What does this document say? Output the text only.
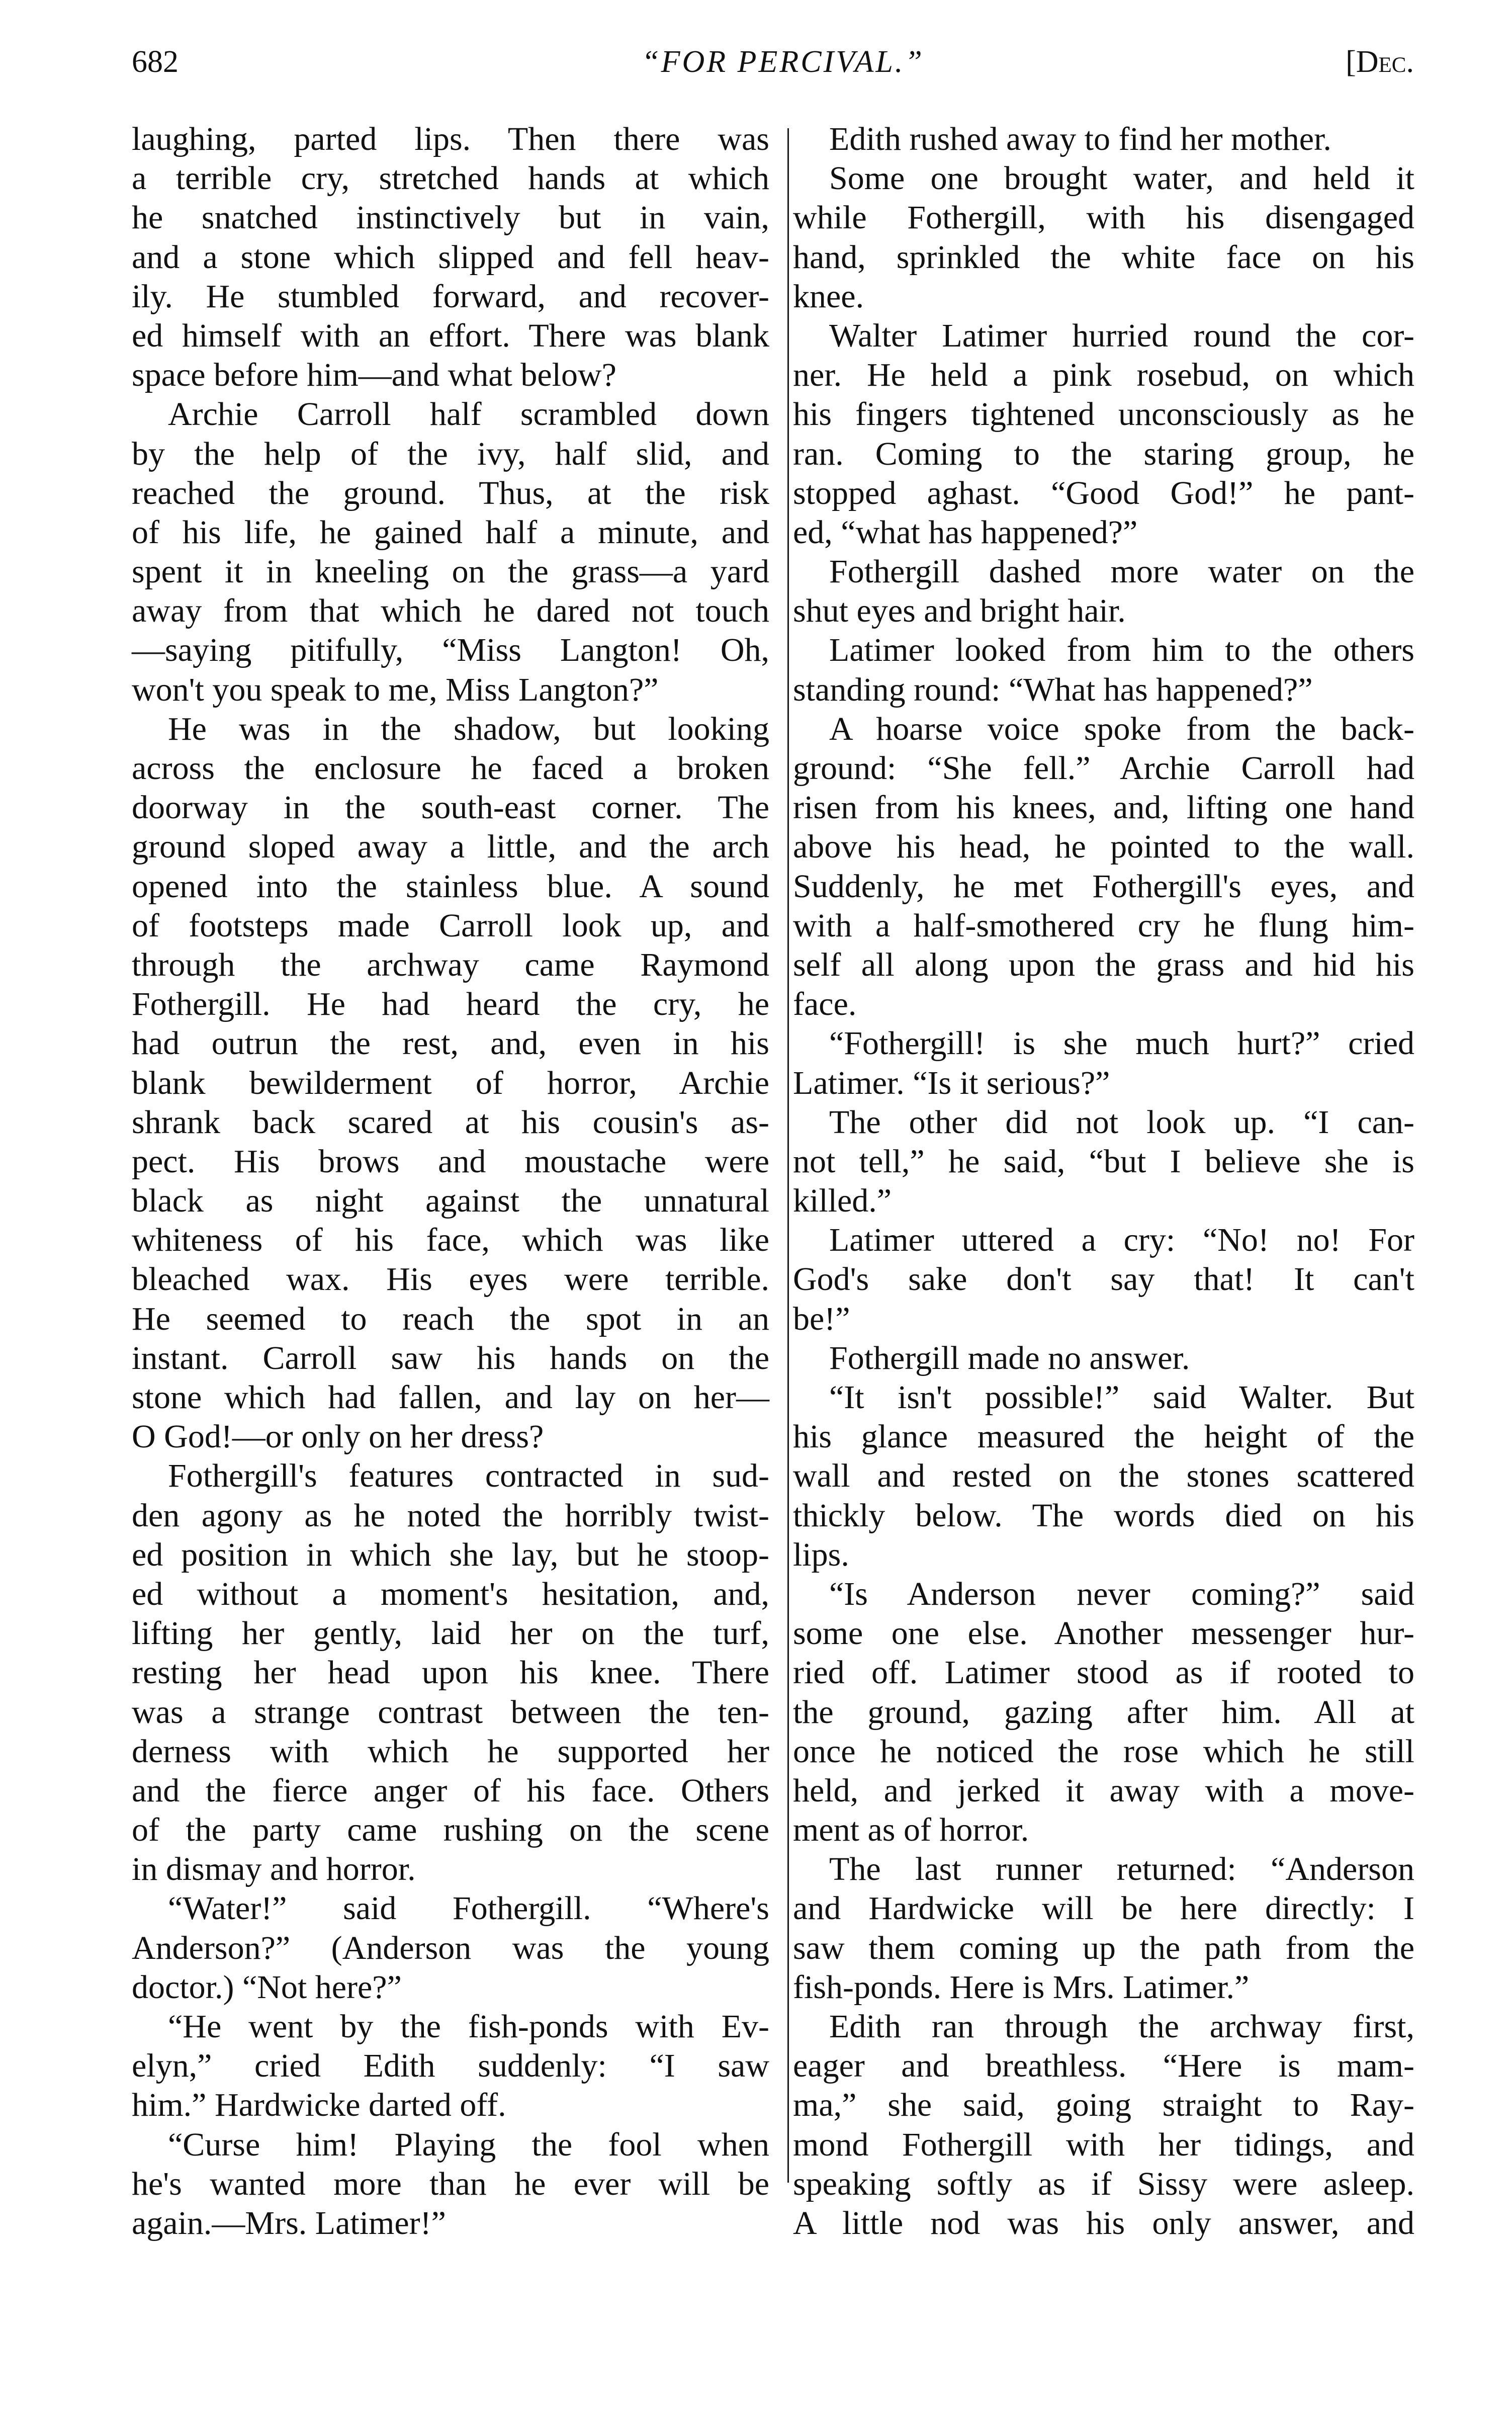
682	“FOR PERCIVAL.”	[Dec.
laughing, parted lips. Then there was
a terrible cry, stretched hands at which
he snatched instinctively but in vain,
and a stone which slipped and fell heav-
ily. He stumbled forward, and recover-
ed himself with an effort. There was blank
space before him—and what below?
Archie Carroll half scrambled down
by the help of the ivy, half slid, and
reached the ground. Thus, at the risk
of his life, he gained half a minute, and
spent it in kneeling on the grass—a yard
away from that which he dared not touch
—saying pitifully, “Miss Langton! Oh,
won't you speak to me, Miss Langton?”
He was in the shadow, but looking
across the enclosure he faced a broken
doorway in the south-east corner. The
ground sloped away a little, and the arch
opened into the stainless blue. A sound
of footsteps made Carroll look up, and
through the archway came Raymond
Fothergill. He had heard the cry, he
had outrun the rest, and, even in his
blank bewilderment of horror, Archie
shrank back scared at his cousin's as-
pect. His brows and moustache were
black as night against the unnatural
whiteness of his face, which was like
bleached wax. His eyes were terrible.
He seemed to reach the spot in an
instant. Carroll saw his hands on the
stone which had fallen, and lay on her—
O God!—or only on her dress?
Fothergill's features contracted in sud-
den agony as he noted the horribly twist-
ed position in which she lay, but he stoop-
ed without a moment's hesitation, and,
lifting her gently, laid her on the turf,
resting her head upon his knee. There
was a strange contrast between the ten-
derness with which he supported her
and the fierce anger of his face. Others
of the party came rushing on the scene
in dismay and horror.
“Water!” said Fothergill. “Where's
Anderson?” (Anderson was the young
doctor.) “Not here?”
“He went by the fish-ponds with Ev-
elyn,” cried Edith suddenly: “I saw
him.” Hardwicke darted off.
“Curse him! Playing the fool when
he's wanted more than he ever will be
again.—Mrs. Latimer!”
Edith rushed away to find her mother.
Some one brought water, and held it
while Fothergill, with his disengaged
hand, sprinkled the white face on his
knee.
Walter Latimer hurried round the cor-
ner. He held a pink rosebud, on which
his fingers tightened unconsciously as he
ran. Coming to the staring group, he
stopped aghast. “Good God!” he pant-
ed, “what has happened?”
Fothergill dashed more water on the
shut eyes and bright hair.
Latimer looked from him to the others
standing round: “What has happened?”
A hoarse voice spoke from the back-
ground: “She fell.” Archie Carroll had
risen from his knees, and, lifting one hand
above his head, he pointed to the wall.
Suddenly, he met Fothergill's eyes, and
with a half-smothered cry he flung him-
self all along upon the grass and hid his
face.
“Fothergill! is she much hurt?” cried
Latimer. “Is it serious?”
The other did not look up. “I can-
not tell,” he said, “but I believe she is
killed.”
Latimer uttered a cry: “No! no! For
God's sake don't say that! It can't
be!”
Fothergill made no answer.
“It isn't possible!” said Walter. But
his glance measured the height of the
wall and rested on the stones scattered
thickly below. The words died on his
lips.
“Is Anderson never coming?” said
some one else. Another messenger hur-
ried off. Latimer stood as if rooted to
the ground, gazing after him. All at
once he noticed the rose which he still
held, and jerked it away with a move-
ment as of horror.
The last runner returned: “Anderson
and Hardwicke will be here directly: I
saw them coming up the path from the
fish-ponds. Here is Mrs. Latimer.”
Edith ran through the archway first,
eager and breathless. “Here is mam-
ma,” she said, going straight to Ray-
mond Fothergill with her tidings, and
speaking softly as if Sissy were asleep.
A little nod was his only answer, and
